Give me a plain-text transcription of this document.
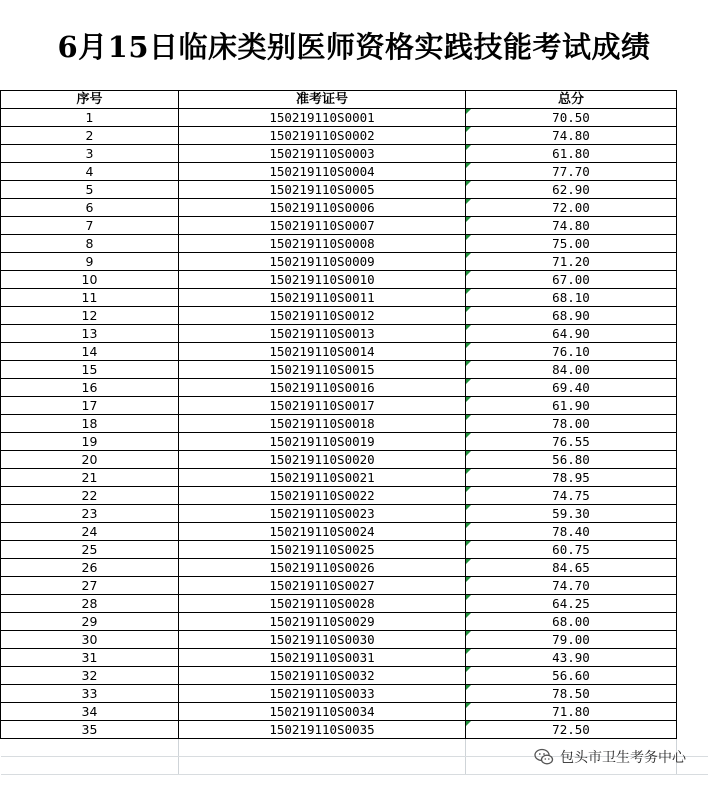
6月15日临床类别医师资格实践技能考试成绩
序号	准考证号	总分	
1	150219110S0001	70.50	
2	150219110S0002	74.80	
3	150219110S0003	61.80	
4	150219110S0004	77.70	
5	150219110S0005	62.90	
6	150219110S0006	72.00	
7	150219110S0007	74.80	
8	150219110S0008	75.00	
9	150219110S0009	71.20	
10	150219110S0010	67.00	
11	150219110S0011	68.10	
12	150219110S0012	68.90	
13	150219110S0013	64.90	
14	150219110S0014	76.10	
15	150219110S0015	84.00	
16	150219110S0016	69.40	
17	150219110S0017	61.90	
18	150219110S0018	78.00	
19	150219110S0019	76.55	
20	150219110S0020	56.80	
21	150219110S0021	78.95	
22	150219110S0022	74.75	
23	150219110S0023	59.30	
24	150219110S0024	78.40	
25	150219110S0025	60.75	
26	150219110S0026	84.65	
27	150219110S0027	74.70	
28	150219110S0028	64.25	
29	150219110S0029	68.00	
30	150219110S0030	79.00	
31	150219110S0031	43.90	
32	150219110S0032	56.60	
33	150219110S0033	78.50	
34	150219110S0034	71.80	
35	150219110S0035	72.50	

包头市卫生考务中心
